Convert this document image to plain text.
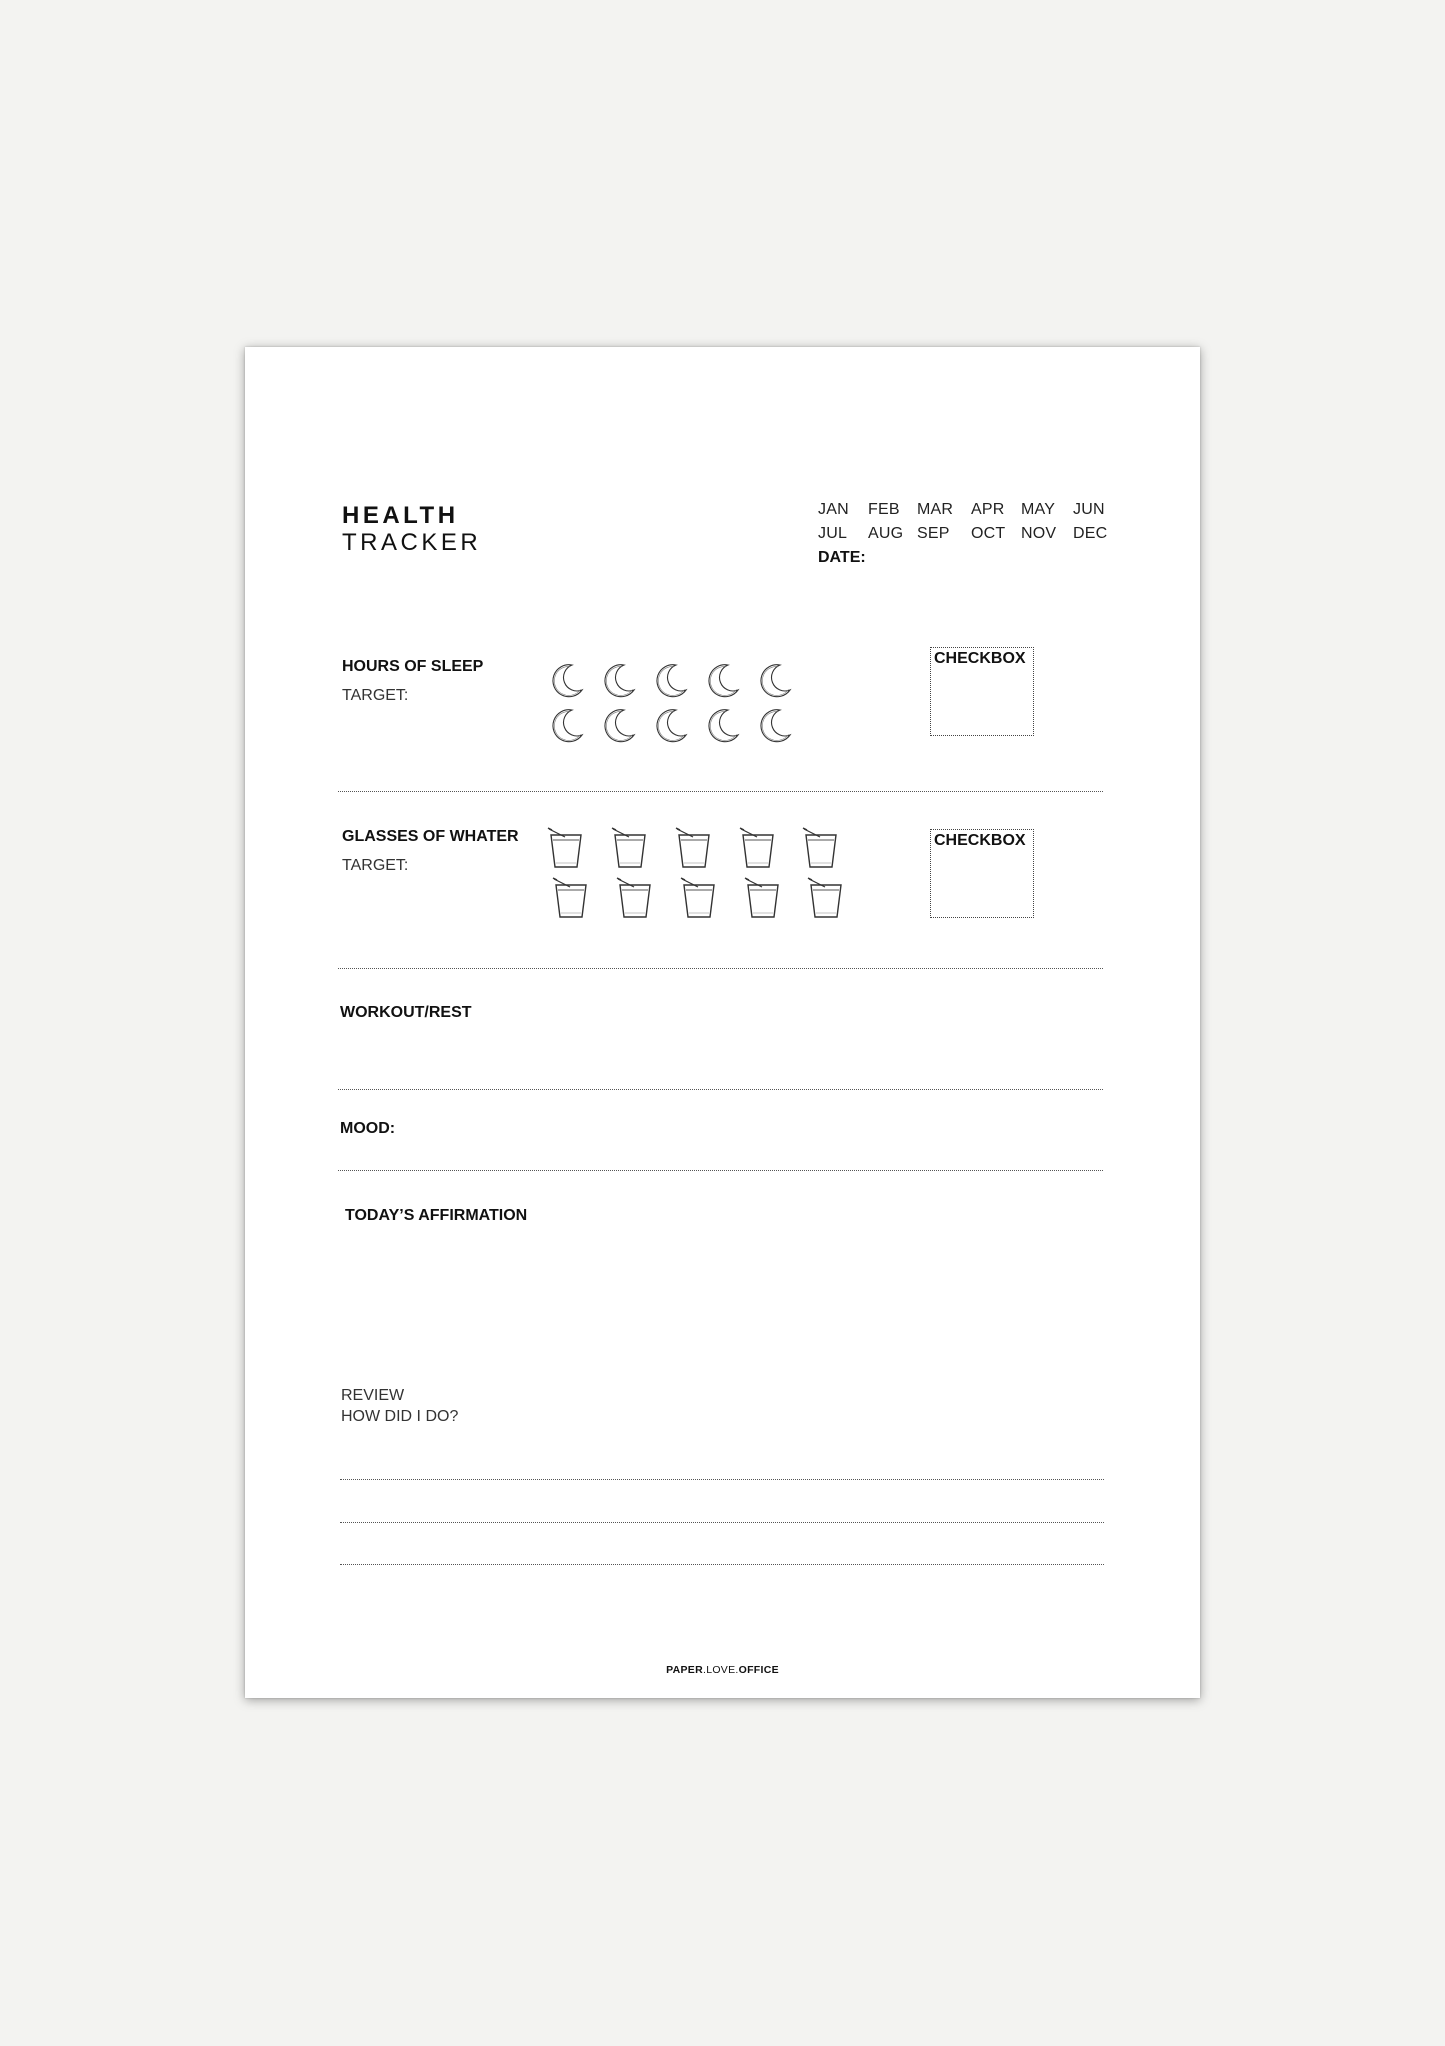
HEALTH
TRACKER
JAN FEB MAR APR MAY JUN
JUL AUG SEP OCT NOV DEC
DATE:
HOURS OF SLEEP
TARGET:
CHECKBOX
GLASSES OF WHATER
TARGET:
CHECKBOX
WORKOUT/REST
MOOD:
TODAY’S AFFIRMATION
REVIEW
HOW DID I DO?
PAPER.LOVE.OFFICE
